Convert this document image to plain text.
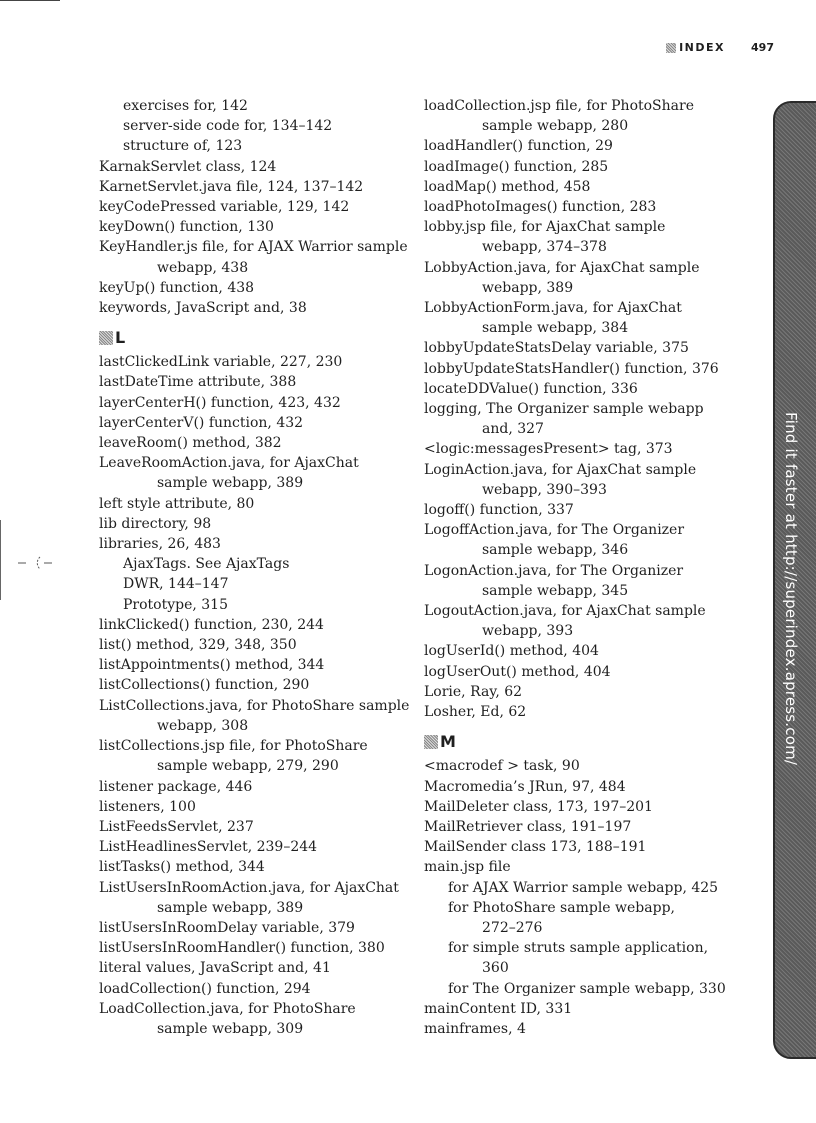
INDEX 497
exercises for, 142
server-side code for, 134–142
structure of, 123
KarnakServlet class, 124
KarnetServlet.java file, 124, 137–142
keyCodePressed variable, 129, 142
keyDown() function, 130
KeyHandler.js file, for AJAX Warrior sample
webapp, 438
keyUp() function, 438
keywords, JavaScript and, 38
L
lastClickedLink variable, 227, 230
lastDateTime attribute, 388
layerCenterH() function, 423, 432
layerCenterV() function, 432
leaveRoom() method, 382
LeaveRoomAction.java, for AjaxChat
sample webapp, 389
left style attribute, 80
lib directory, 98
libraries, 26, 483
AjaxTags. See AjaxTags
DWR, 144–147
Prototype, 315
linkClicked() function, 230, 244
list() method, 329, 348, 350
listAppointments() method, 344
listCollections() function, 290
ListCollections.java, for PhotoShare sample
webapp, 308
listCollections.jsp file, for PhotoShare
sample webapp, 279, 290
listener package, 446
listeners, 100
ListFeedsServlet, 237
ListHeadlinesServlet, 239–244
listTasks() method, 344
ListUsersInRoomAction.java, for AjaxChat
sample webapp, 389
listUsersInRoomDelay variable, 379
listUsersInRoomHandler() function, 380
literal values, JavaScript and, 41
loadCollection() function, 294
LoadCollection.java, for PhotoShare
sample webapp, 309
loadCollection.jsp file, for PhotoShare
sample webapp, 280
loadHandler() function, 29
loadImage() function, 285
loadMap() method, 458
loadPhotoImages() function, 283
lobby.jsp file, for AjaxChat sample
webapp, 374–378
LobbyAction.java, for AjaxChat sample
webapp, 389
LobbyActionForm.java, for AjaxChat
sample webapp, 384
lobbyUpdateStatsDelay variable, 375
lobbyUpdateStatsHandler() function, 376
locateDDValue() function, 336
logging, The Organizer sample webapp
and, 327
<logic:messagesPresent> tag, 373
LoginAction.java, for AjaxChat sample
webapp, 390–393
logoff() function, 337
LogoffAction.java, for The Organizer
sample webapp, 346
LogonAction.java, for The Organizer
sample webapp, 345
LogoutAction.java, for AjaxChat sample
webapp, 393
logUserId() method, 404
logUserOut() method, 404
Lorie, Ray, 62
Losher, Ed, 62
M
<macrodef > task, 90
Macromedia’s JRun, 97, 484
MailDeleter class, 173, 197–201
MailRetriever class, 191–197
MailSender class 173, 188–191
main.jsp file
for AJAX Warrior sample webapp, 425
for PhotoShare sample webapp,
272–276
for simple struts sample application,
360
for The Organizer sample webapp, 330
mainContent ID, 331
mainframes, 4
Find it faster at http://superindex.apress.com/
